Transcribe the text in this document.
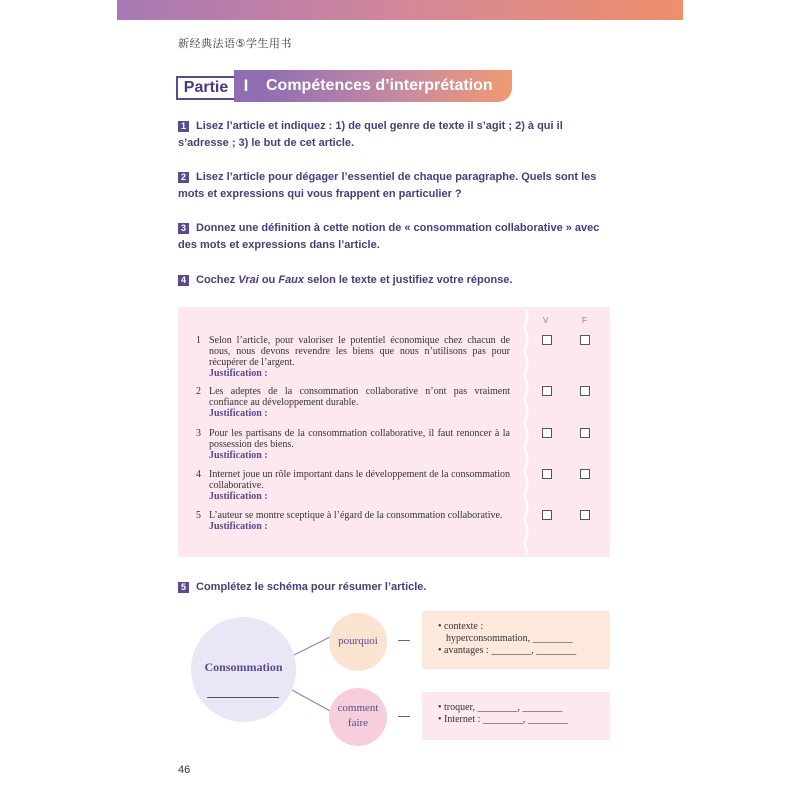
新经典法语⑤学生用书
Partie I	Compétences d’interprétation
1 Lisez l’article et indiquez : 1) de quel genre de texte il s’agit ; 2) à qui il s’adresse ; 3) le but de cet article.
2 Lisez l’article pour dégager l’essentiel de chaque paragraphe. Quels sont les mots et expressions qui vous frappent en particulier ?
3 Donnez une définition à cette notion de « consommation collaborative » avec des mots et expressions dans l’article.
4 Cochez Vrai ou Faux selon le texte et justifiez votre réponse.
V	F
1 Selon l’article, pour valoriser le potentiel économique chez chacun de nous, nous devons revendre les biens que nous n’utilisons pas pour récupérer de l’argent.
Justification :
2 Les adeptes de la consommation collaborative n’ont pas vraiment confiance au développement durable.
Justification :
3 Pour les partisans de la consommation collaborative, il faut renoncer à la possession des biens.
Justification :
4 Internet joue un rôle important dans le développement de la consommation collaborative.
Justification :
5 L’auteur se montre sceptique à l’égard de la consommation collaborative.
Justification :
5 Complétez le schéma pour résumer l’article.
Consommation
pourquoi
comment
faire
• contexte :
hyperconsommation, ________
• avantages : ________, ________
• troquer, ________, ________
• Internet : ________, ________
46
